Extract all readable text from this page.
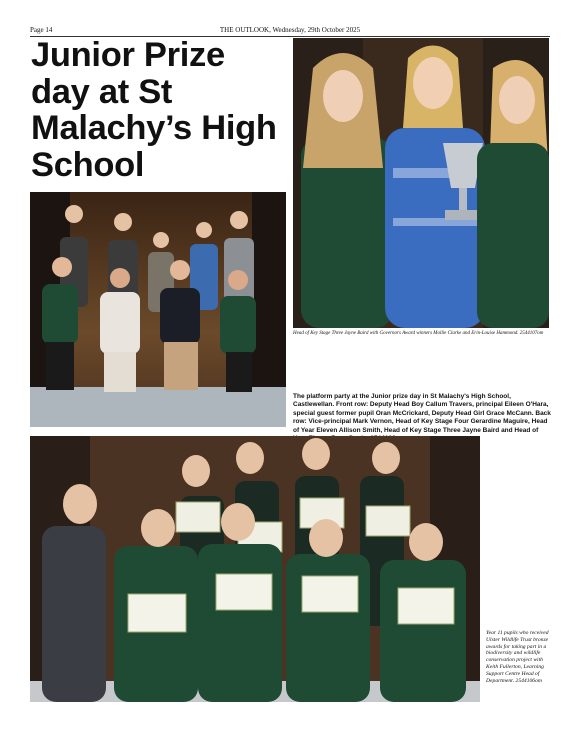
Page 14	THE OUTLOOK, Wednesday, 29th October 2025
Junior Prize day at St Malachy’s High School
Head of Key Stage Three Jayne Baird with Governors Award winners Mollie Clarke and Erin-Louise Hammond. 2544107om
The platform party at the Junior prize day in St Malachy's High School, Castlewellan. Front row: Deputy Head Boy Callum Travers, principal Eileen O'Hara, special guest former pupil Oran McCrickard, Deputy Head Girl Grace McCann. Back row: Vice-principal Mark Vernon, Head of Key Stage Four Gerardine Maguire, Head of Year Eleven Allison Smith, Head of Key Stage Three Jayne Baird and Head of
Year 11 pupils who received Ulster Wildlife Trust bronze awards for taking part in a biodiversity and wildlife conservation project with Keith Fullerton, Learning Support Centre Head of Department. 2544106om
